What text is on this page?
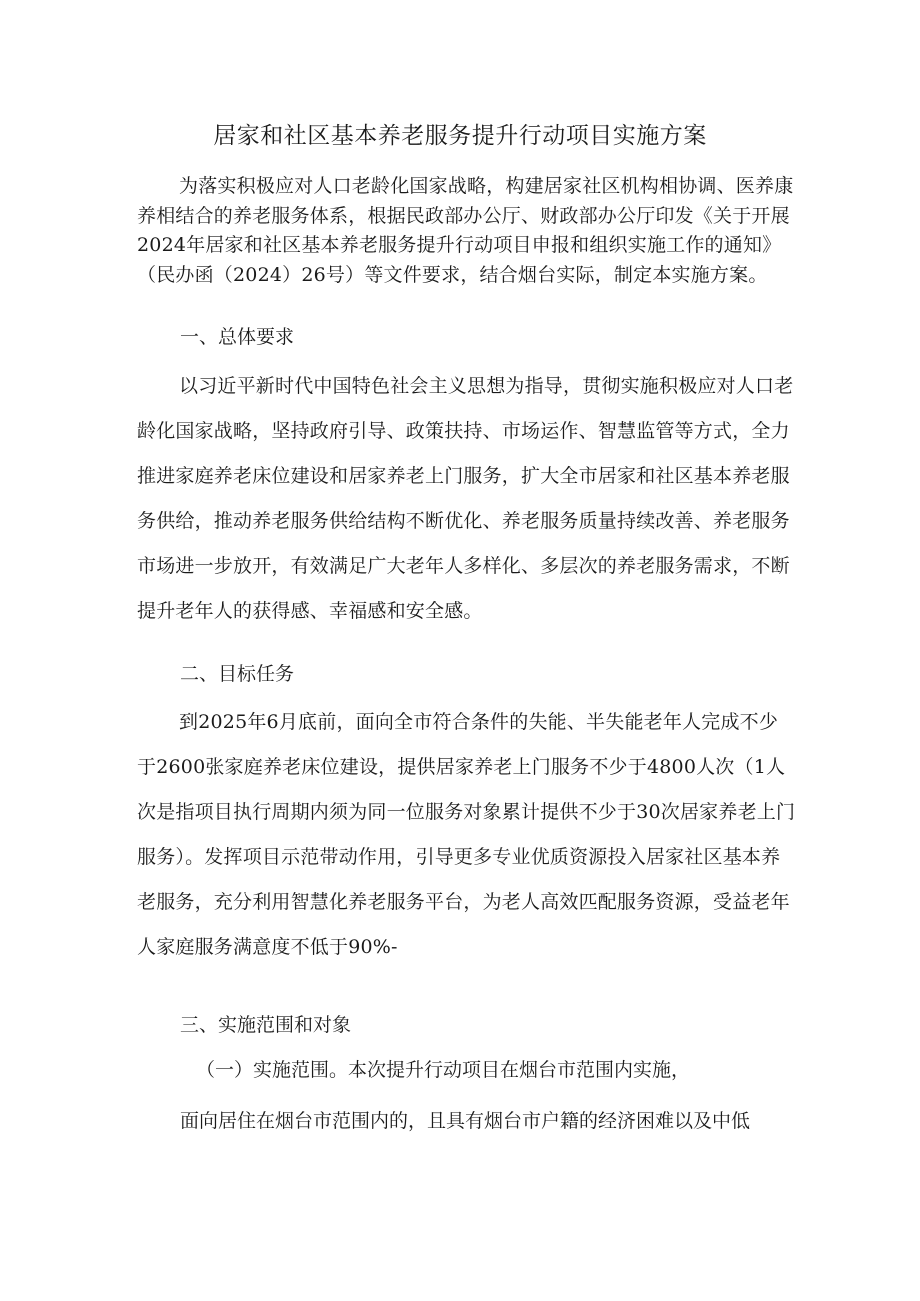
居家和社区基本养老服务提升行动项目实施方案

为落实积极应对人口老龄化国家战略，构建居家社区机构相协调、医养康养相结合的养老服务体系，根据民政部办公厅、财政部办公厅印发《关于开展2024年居家和社区基本养老服务提升行动项目申报和组织实施工作的通知》（民办函（2024）26号）等文件要求，结合烟台实际，制定本实施方案。

一、总体要求

以习近平新时代中国特色社会主义思想为指导，贯彻实施积极应对人口老龄化国家战略，坚持政府引导、政策扶持、市场运作、智慧监管等方式，全力推进家庭养老床位建设和居家养老上门服务，扩大全市居家和社区基本养老服务供给，推动养老服务供给结构不断优化、养老服务质量持续改善、养老服务市场进一步放开，有效满足广大老年人多样化、多层次的养老服务需求，不断提升老年人的获得感、幸福感和安全感。

二、目标任务

到2025年6月底前，面向全市符合条件的失能、半失能老年人完成不少于2600张家庭养老床位建设，提供居家养老上门服务不少于4800人次（1人次是指项目执行周期内须为同一位服务对象累计提供不少于30次居家养老上门服务）。发挥项目示范带动作用，引导更多专业优质资源投入居家社区基本养老服务，充分利用智慧化养老服务平台，为老人高效匹配服务资源，受益老年人家庭服务满意度不低于90%-

三、实施范围和对象

（一）实施范围。本次提升行动项目在烟台市范围内实施，

面向居住在烟台市范围内的，且具有烟台市户籍的经济困难以及中低
